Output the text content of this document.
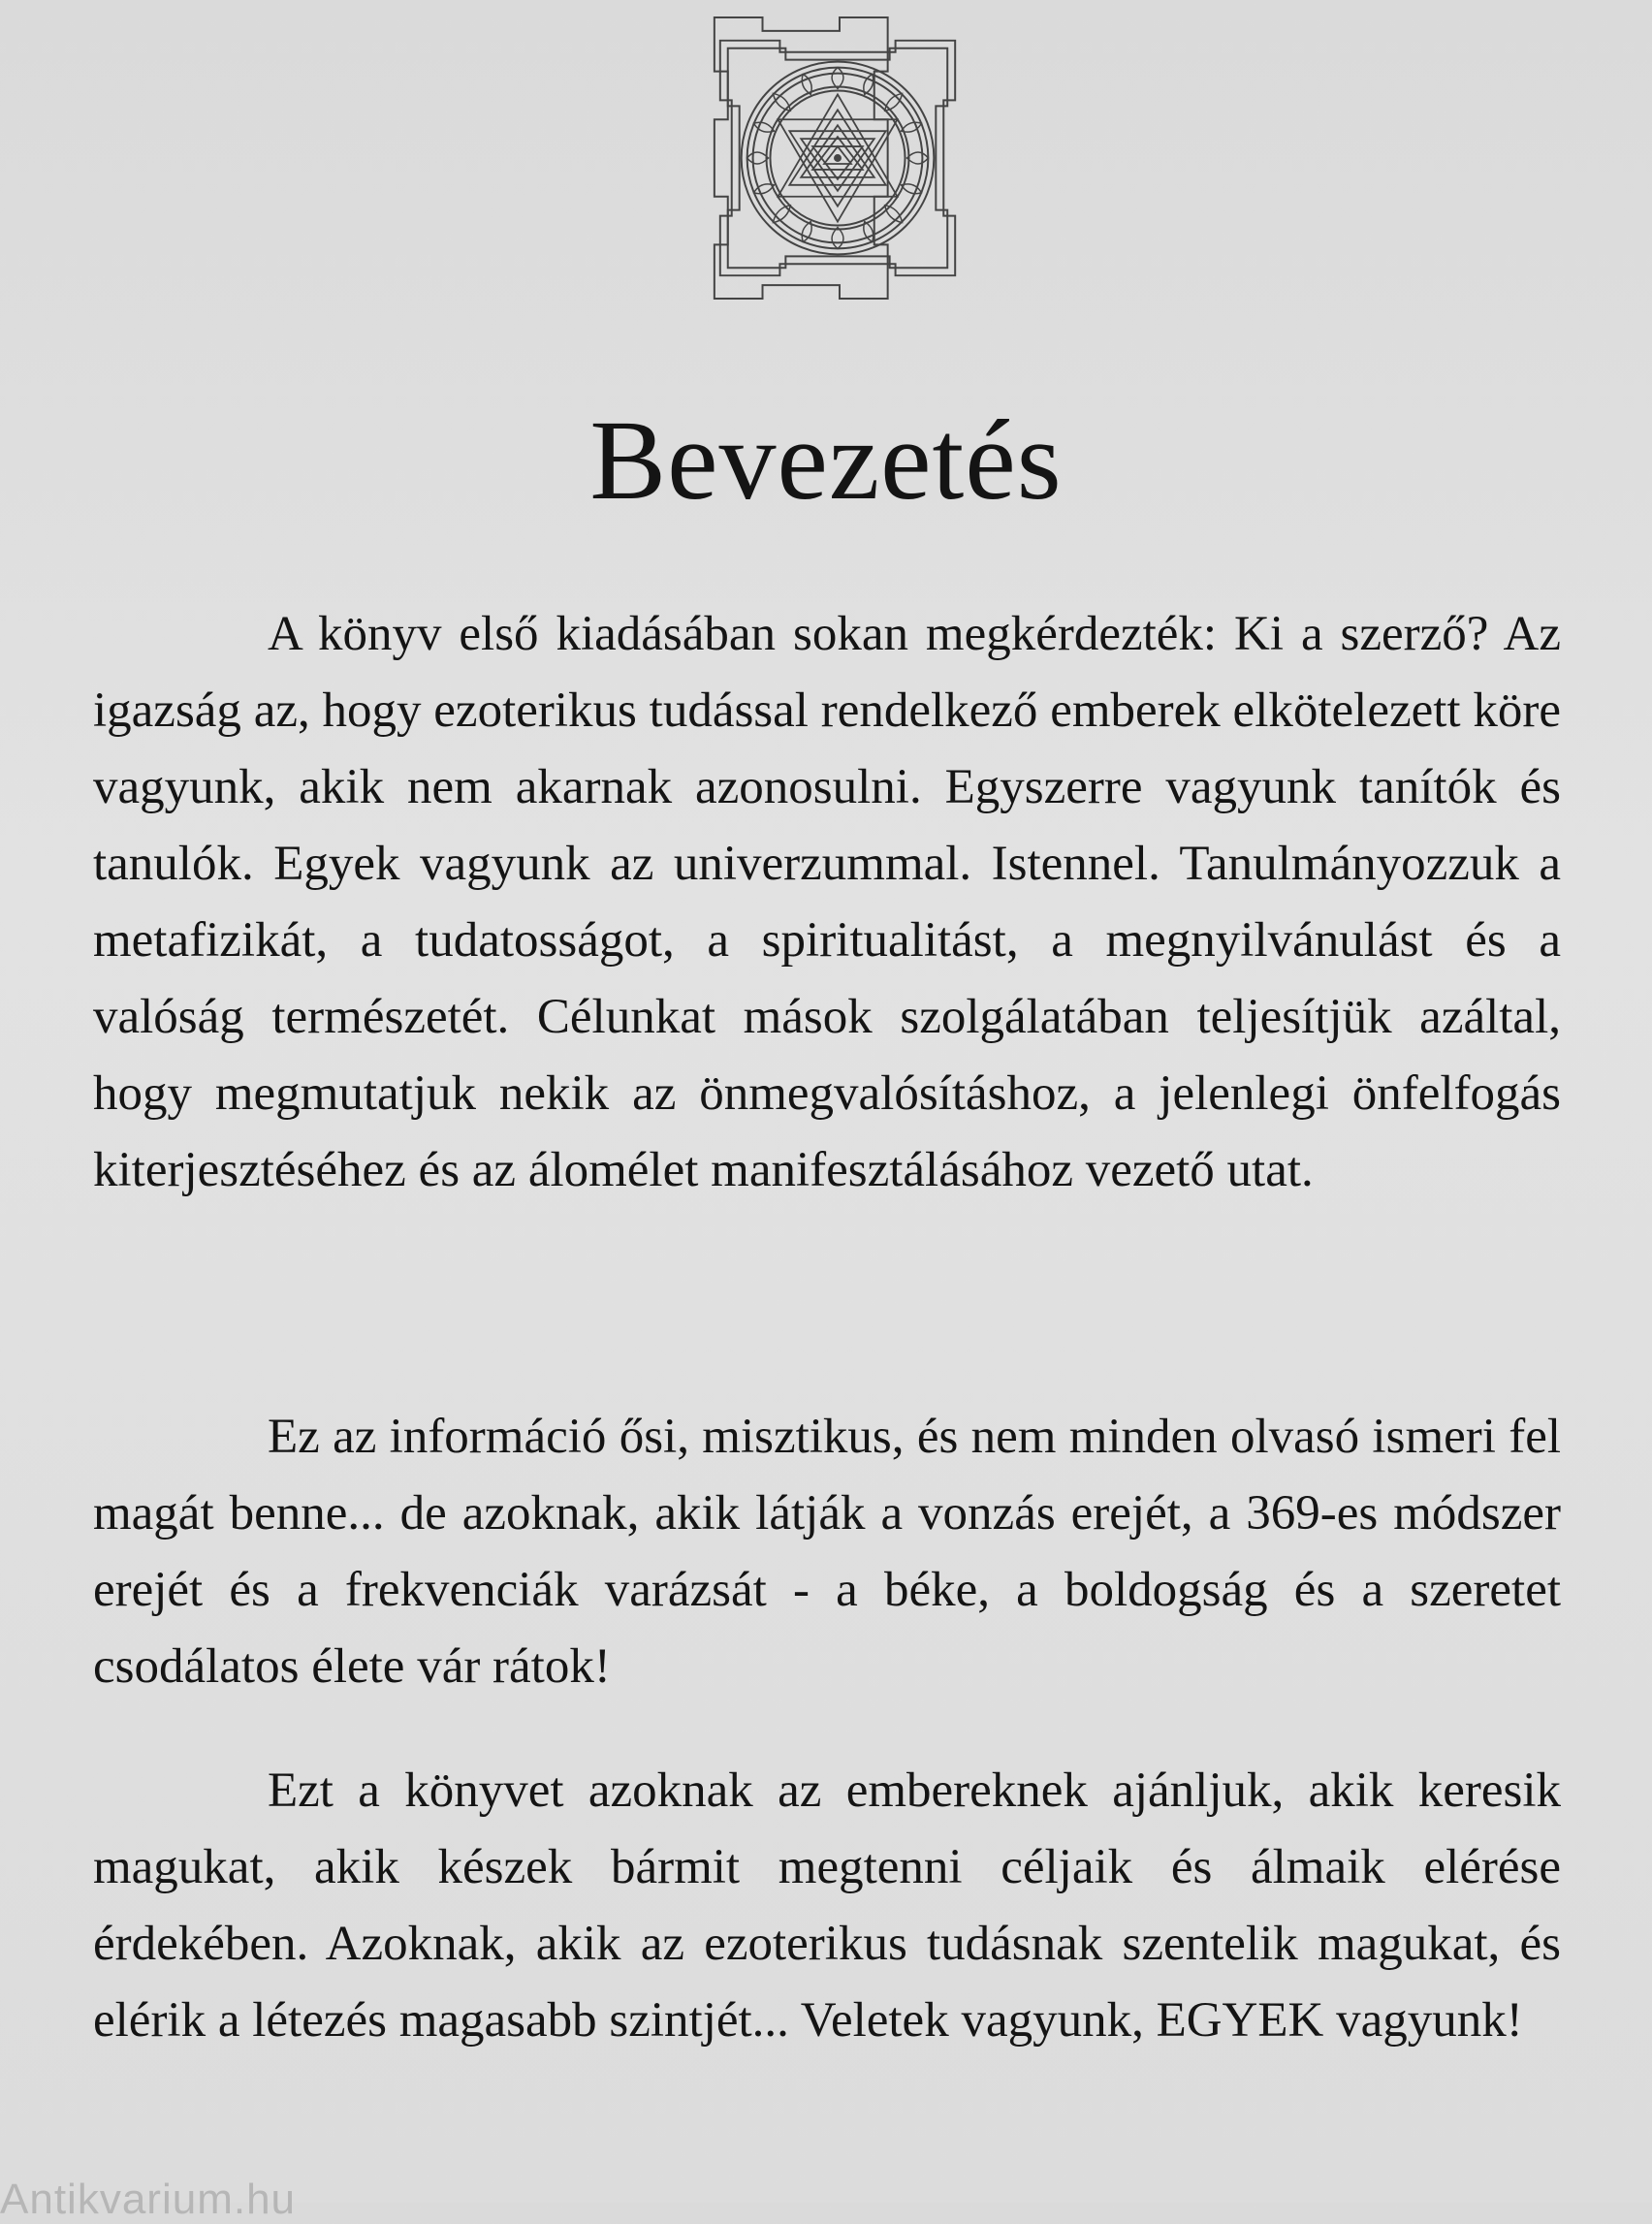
Bevezetés

A könyv első kiadásában sokan megkérdezték: Ki a szerző? Az igazság az, hogy ezoterikus tudással rendelkező emberek elkötelezett köre vagyunk, akik nem akarnak azonosulni. Egyszerre vagyunk tanítók és tanulók. Egyek vagyunk az univerzummal. Istennel. Tanulmányozzuk a metafizikát, a tudatosságot, a spiritualitást, a megnyilvánulást és a valóság természetét. Célunkat mások szolgálatában teljesítjük azáltal, hogy megmutatjuk nekik az önmegvalósításhoz, a jelenlegi önfelfogás kiterjesztéséhez és az álomélet manifesztálásához vezető utat.

Ez az információ ősi, misztikus, és nem minden olvasó ismeri fel magát benne... de azoknak, akik látják a vonzás erejét, a 369-es módszer erejét és a frekvenciák varázsát - a béke, a boldogság és a szeretet csodálatos élete vár rátok!

Ezt a könyvet azoknak az embereknek ajánljuk, akik keresik magukat, akik készek bármit megtenni céljaik és álmaik elérése érdekében. Azoknak, akik az ezoterikus tudásnak szentelik magukat, és elérik a létezés magasabb szintjét... Veletek vagyunk, EGYEK vagyunk!

Antikvarium.hu
